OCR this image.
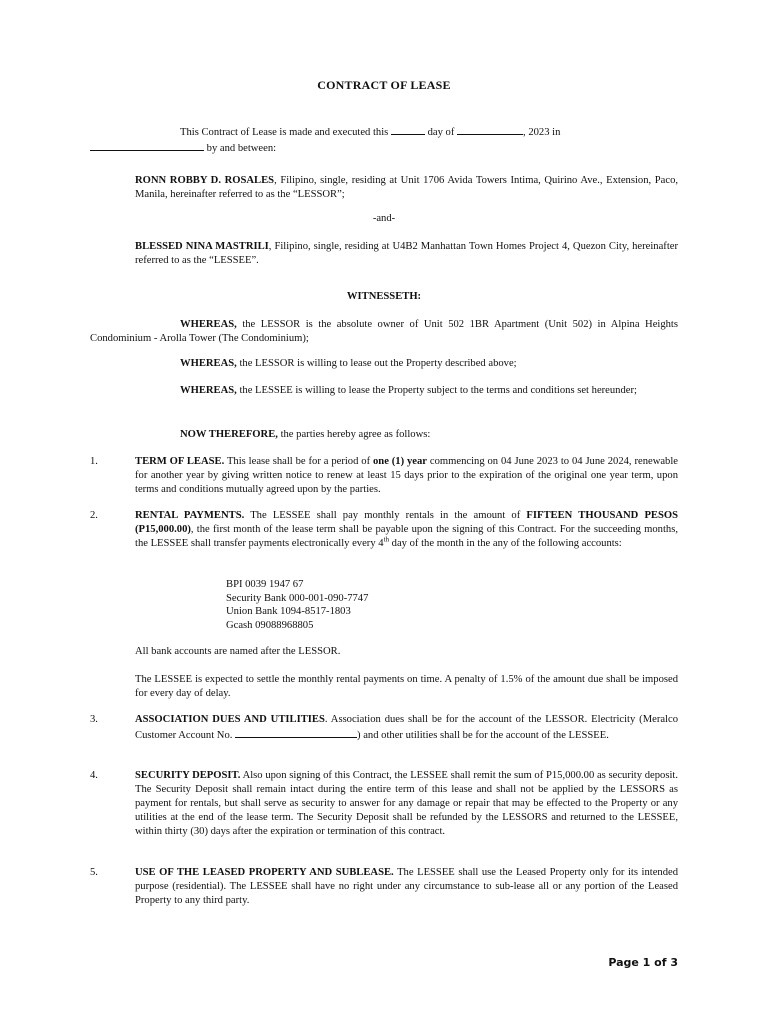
CONTRACT OF LEASE
This Contract of Lease is made and executed this	day of	, 2023 in
by and between:
RONN ROBBY D. ROSALES, Filipino, single, residing at Unit 1706 Avida Towers Intima, Quirino Ave., Extension, Paco, Manila, hereinafter referred to as the “LESSOR”;
-and-
BLESSED NINA MASTRILI, Filipino, single, residing at U4B2 Manhattan Town Homes Project 4, Quezon City, hereinafter referred to as the “LESSEE”.
WITNESSETH:
WHEREAS, the LESSOR is the absolute owner of Unit 502 1BR Apartment (Unit 502) in Alpina Heights Condominium - Arolla Tower (The Condominium);
WHEREAS, the LESSOR is willing to lease out the Property described above;
WHEREAS, the LESSEE is willing to lease the Property subject to the terms and conditions set hereunder;
NOW THEREFORE, the parties hereby agree as follows:
1.	TERM OF LEASE. This lease shall be for a period of one (1) year commencing on 04 June 2023 to 04 June 2024, renewable for another year by giving written notice to renew at least 15 days prior to the expiration of the original one year term, upon terms and conditions mutually agreed upon by the parties.
2.	RENTAL PAYMENTS. The LESSEE shall pay monthly rentals in the amount of FIFTEEN THOUSAND PESOS (P15,000.00), the first month of the lease term shall be payable upon the signing of this Contract. For the succeeding months, the LESSEE shall transfer payments electronically every 4th day of the month in the any of the following accounts:
BPI 0039 1947 67
Security Bank 000-001-090-7747
Union Bank 1094-8517-1803
Gcash 09088968805
All bank accounts are named after the LESSOR.
The LESSEE is expected to settle the monthly rental payments on time. A penalty of 1.5% of the amount due shall be imposed for every day of delay.
3.	ASSOCIATION DUES AND UTILITIES. Association dues shall be for the account of the LESSOR. Electricity (Meralco Customer Account No.	) and other utilities shall be for the account of the LESSEE.
4.	SECURITY DEPOSIT. Also upon signing of this Contract, the LESSEE shall remit the sum of P15,000.00 as security deposit. The Security Deposit shall remain intact during the entire term of this lease and shall not be applied by the LESSORS as payment for rentals, but shall serve as security to answer for any damage or repair that may be effected to the Property or any utilities at the end of the lease term. The Security Deposit shall be refunded by the LESSORS and returned to the LESSEE, within thirty (30) days after the expiration or termination of this contract.
5.	USE OF THE LEASED PROPERTY AND SUBLEASE. The LESSEE shall use the Leased Property only for its intended purpose (residential). The LESSEE shall have no right under any circumstance to sub-lease all or any portion of the Leased Property to any third party.
Page 1 of 3
